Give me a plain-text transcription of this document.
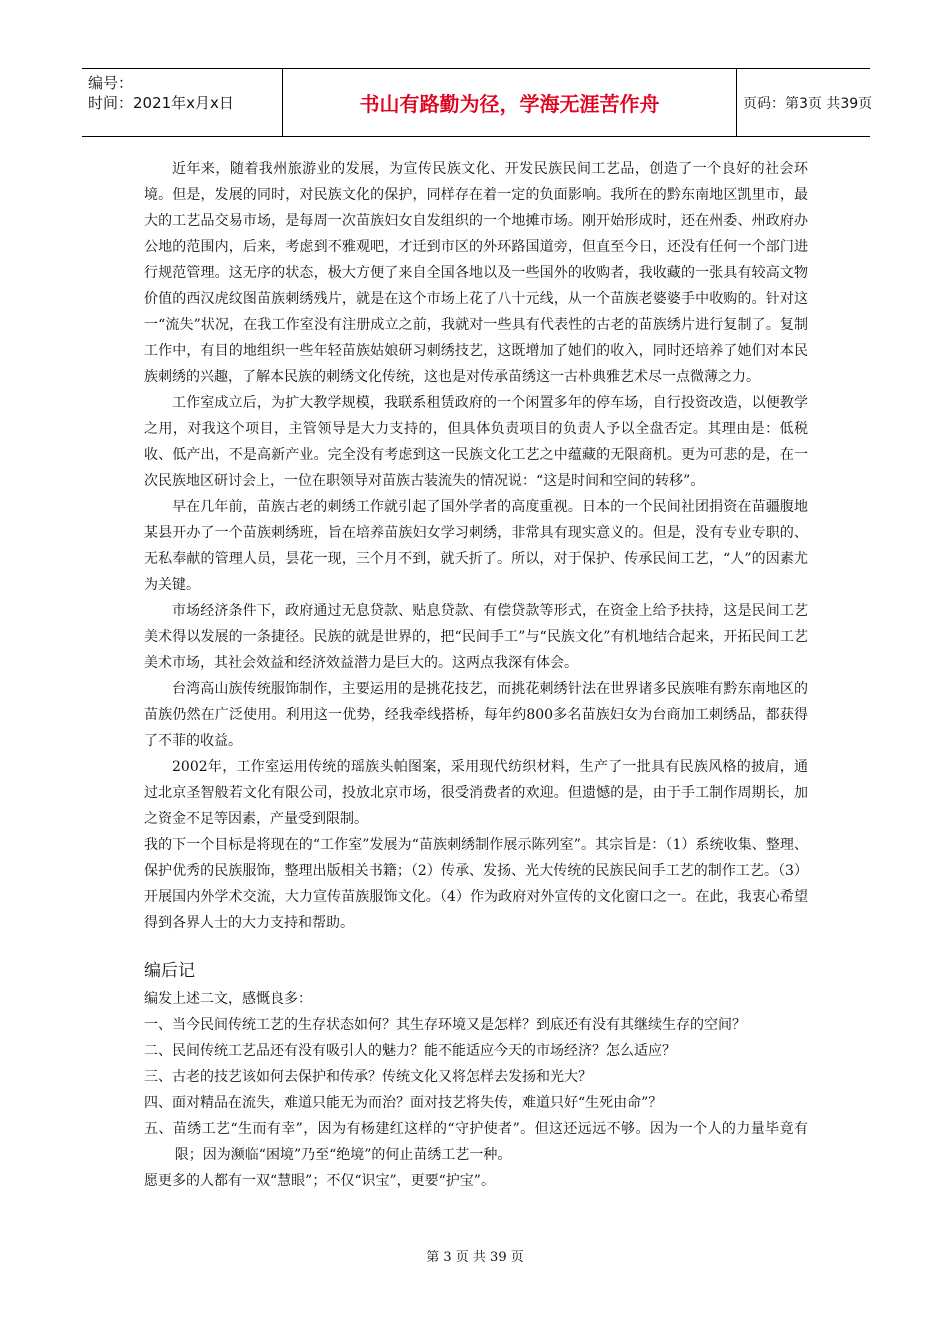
编号：
时间：2021年x月x日	书山有路勤为径，学海无涯苦作舟	页码：第3页 共39页

近年来，随着我州旅游业的发展，为宣传民族文化、开发民族民间工艺品，创造了一个良好的社会环境。但是，发展的同时，对民族文化的保护，同样存在着一定的负面影响。我所在的黔东南地区凯里市，最大的工艺品交易市场，是每周一次苗族妇女自发组织的一个地摊市场。刚开始形成时，还在州委、州政府办公地的范围内，后来，考虑到不雅观吧，才迁到市区的外环路国道旁，但直至今日，还没有任何一个部门进行规范管理。这无序的状态，极大方便了来自全国各地以及一些国外的收购者，我收藏的一张具有较高文物价值的西汉虎纹图苗族刺绣残片，就是在这个市场上花了八十元线，从一个苗族老婆婆手中收购的。针对这一“流失”状况，在我工作室没有注册成立之前，我就对一些具有代表性的古老的苗族绣片进行复制了。复制工作中，有目的地组织一些年轻苗族姑娘研习刺绣技艺，这既增加了她们的收入，同时还培养了她们对本民族刺绣的兴趣，了解本民族的刺绣文化传统，这也是对传承苗绣这一古朴典雅艺术尽一点微薄之力。

工作室成立后，为扩大教学规模，我联系租赁政府的一个闲置多年的停车场，自行投资改造，以便教学之用，对我这个项目，主管领导是大力支持的，但具体负责项目的负责人予以全盘否定。其理由是：低税收、低产出，不是高新产业。完全没有考虑到这一民族文化工艺之中蕴藏的无限商机。更为可悲的是，在一次民族地区研讨会上，一位在职领导对苗族古装流失的情况说：“这是时间和空间的转移”。

早在几年前，苗族古老的刺绣工作就引起了国外学者的高度重视。日本的一个民间社团捐资在苗疆腹地某县开办了一个苗族刺绣班，旨在培养苗族妇女学习刺绣，非常具有现实意义的。但是，没有专业专职的、无私奉献的管理人员，昙花一现，三个月不到，就夭折了。所以，对于保护、传承民间工艺，“人”的因素尤为关键。

市场经济条件下，政府通过无息贷款、贴息贷款、有偿贷款等形式，在资金上给予扶持，这是民间工艺美术得以发展的一条捷径。民族的就是世界的，把“民间手工”与“民族文化”有机地结合起来，开拓民间工艺美术市场，其社会效益和经济效益潜力是巨大的。这两点我深有体会。

台湾高山族传统服饰制作，主要运用的是挑花技艺，而挑花刺绣针法在世界诸多民族唯有黔东南地区的苗族仍然在广泛使用。利用这一优势，经我牵线搭桥，每年约800多名苗族妇女为台商加工刺绣品，都获得了不菲的收益。

2002年，工作室运用传统的瑶族头帕图案，采用现代纺织材料，生产了一批具有民族风格的披肩，通过北京圣智般若文化有限公司，投放北京市场，很受消费者的欢迎。但遗憾的是，由于手工制作周期长，加之资金不足等因素，产量受到限制。

我的下一个目标是将现在的“工作室”发展为“苗族刺绣制作展示陈列室”。其宗旨是：（1）系统收集、整理、保护优秀的民族服饰，整理出版相关书籍；（2）传承、发扬、光大传统的民族民间手工艺的制作工艺。（3）开展国内外学术交流，大力宣传苗族服饰文化。（4）作为政府对外宣传的文化窗口之一。在此，我衷心希望得到各界人士的大力支持和帮助。

编后记

编发上述二文，感慨良多：

一、当今民间传统工艺的生存状态如何？其生存环境又是怎样？到底还有没有其继续生存的空间？

二、民间传统工艺品还有没有吸引人的魅力？能不能适应今天的市场经济？怎么适应？

三、古老的技艺该如何去保护和传承？传统文化又将怎样去发扬和光大？

四、面对精品在流失，难道只能无为而治？面对技艺将失传，难道只好“生死由命”？

五、苗绣工艺“生而有幸”，因为有杨建红这样的“守护使者”。但这还远远不够。因为一个人的力量毕竟有限；因为濒临“困境”乃至“绝境”的何止苗绣工艺一种。

愿更多的人都有一双“慧眼”；不仅“识宝”，更要“护宝”。

第 3 页 共 39 页
